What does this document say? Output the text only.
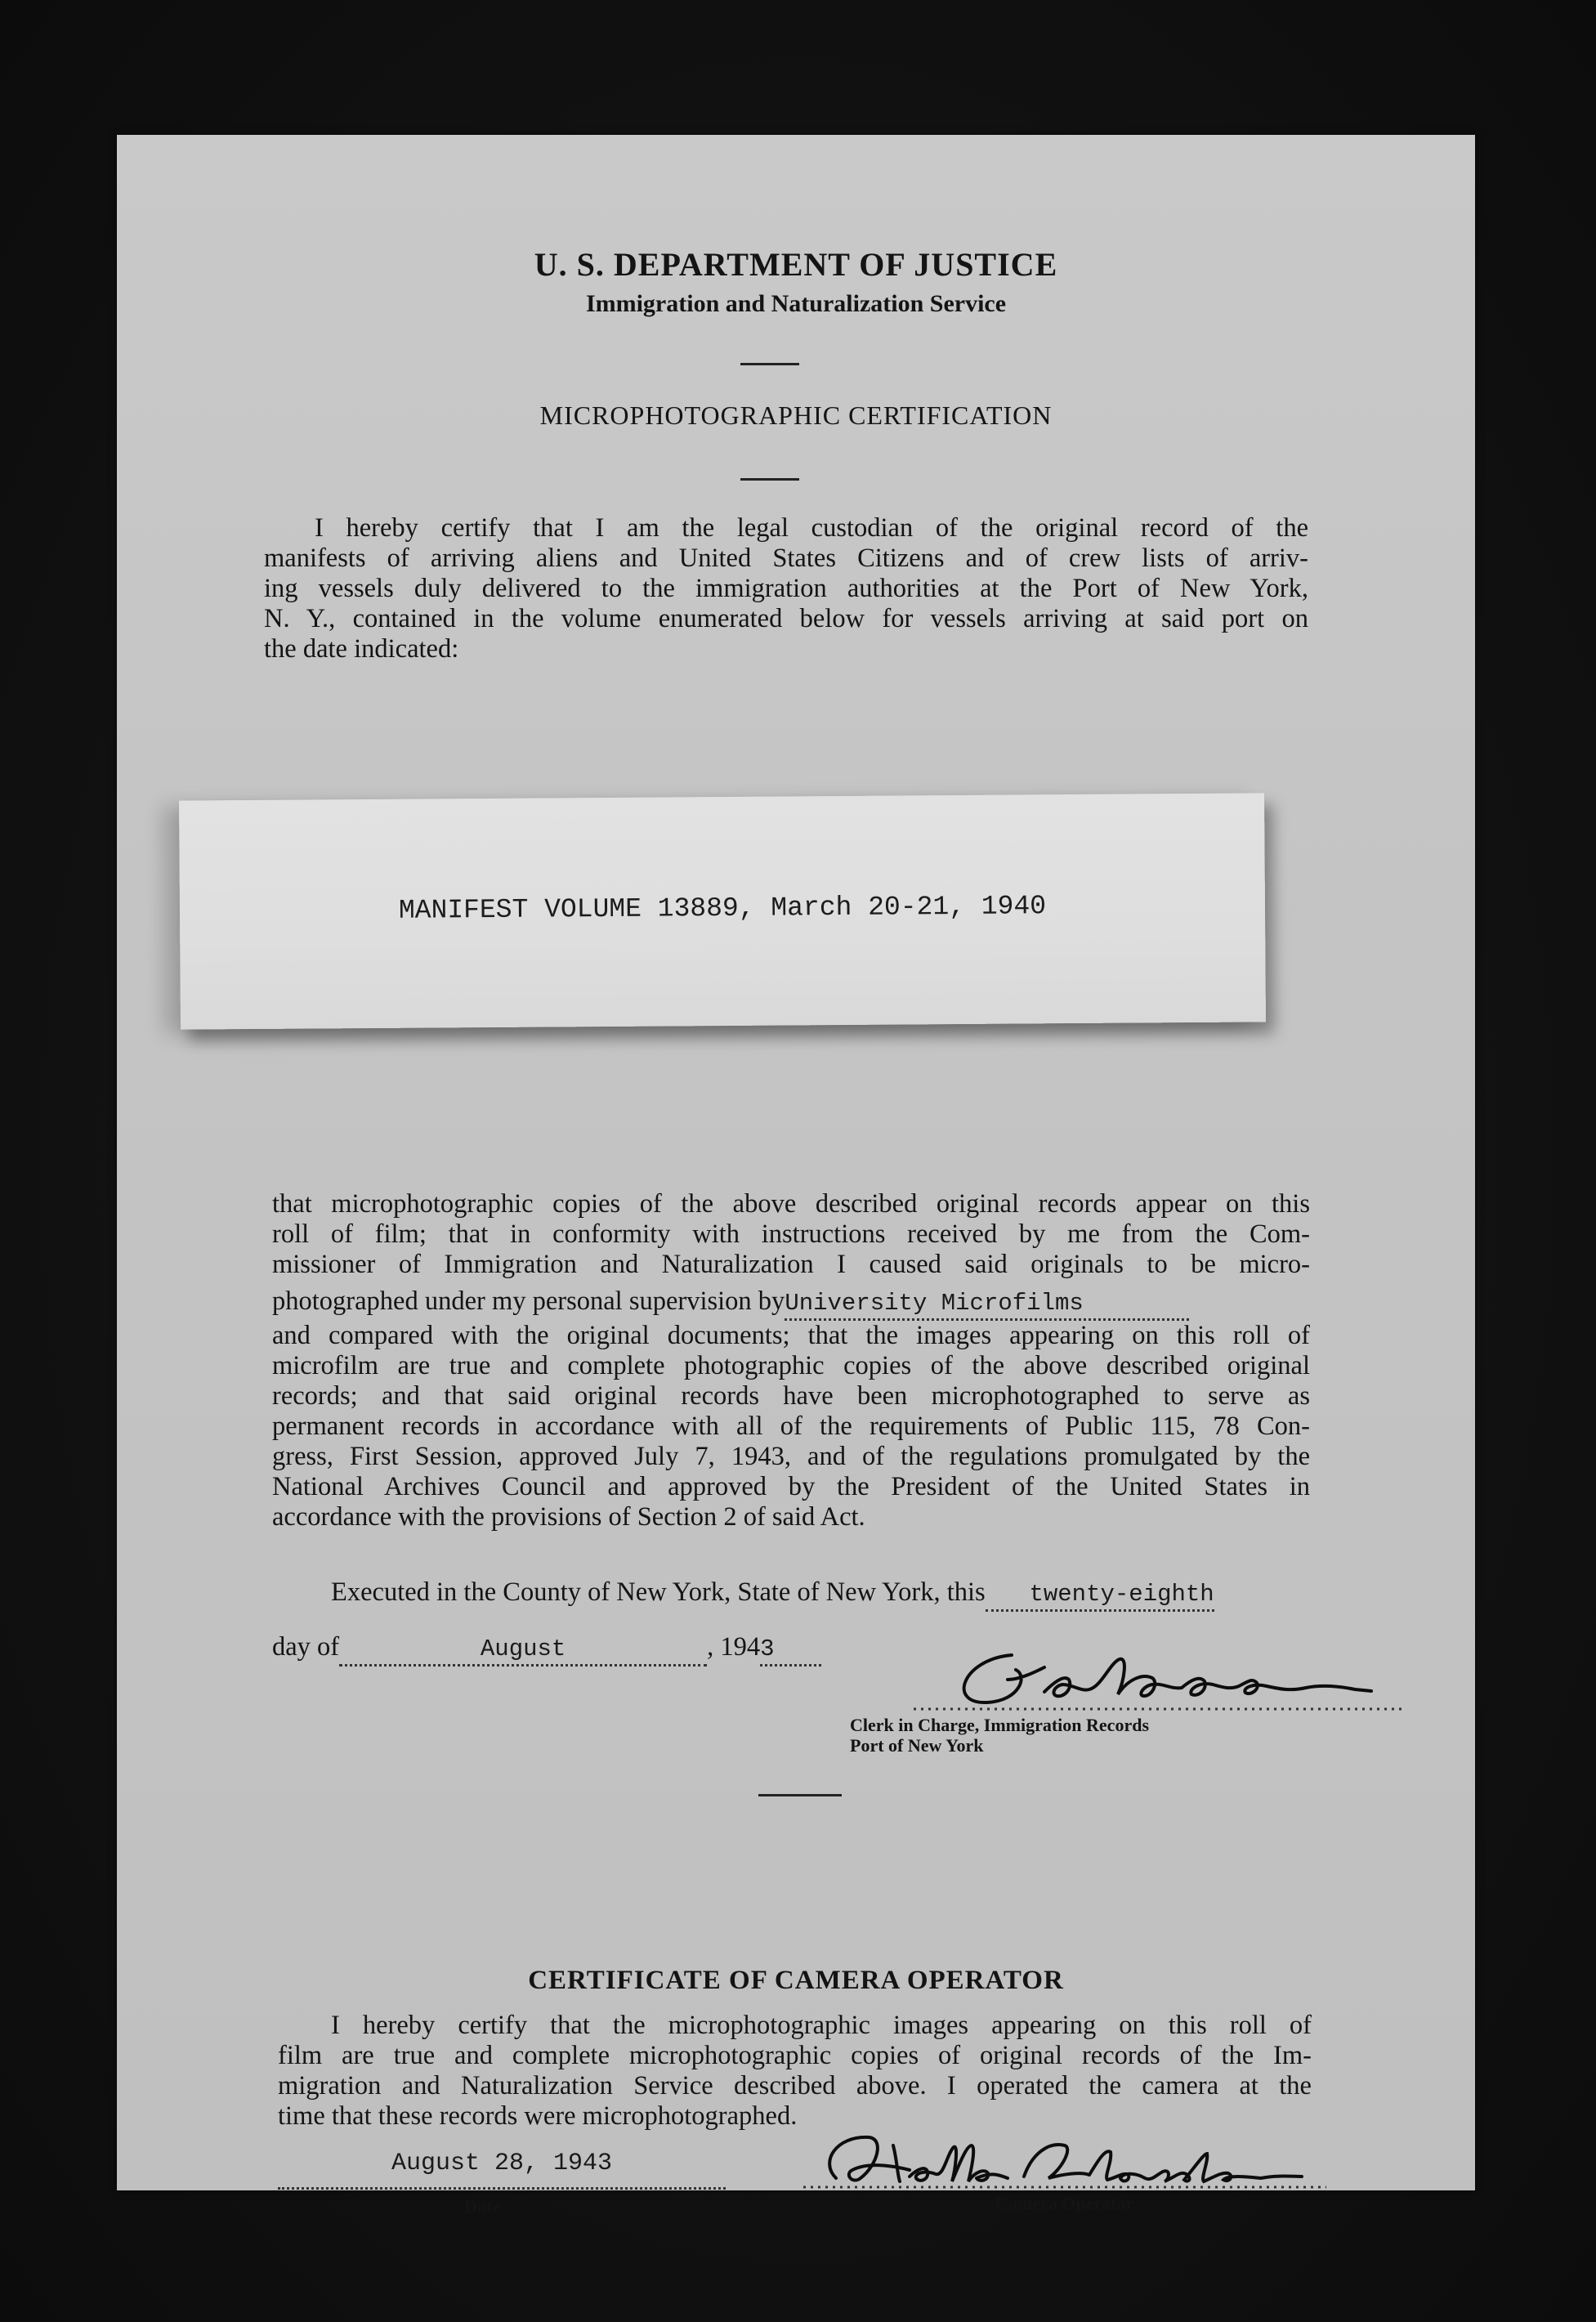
U. S. DEPARTMENT OF JUSTICE
Immigration and Naturalization Service
MICROPHOTOGRAPHIC CERTIFICATION
I hereby certify that I am the legal custodian of the original record of the
manifests of arriving aliens and United States Citizens and of crew lists of arriv-
ing vessels duly delivered to the immigration authorities at the Port of New York,
N. Y., contained in the volume enumerated below for vessels arriving at said port on
the date indicated:
MANIFEST VOLUME 13889, March 20-21, 1940
that microphotographic copies of the above described original records appear on this
roll of film; that in conformity with instructions received by me from the Com-
missioner of Immigration and Naturalization I caused said originals to be micro-
photographed under my personal supervision byUniversity Microfilms
and compared with the original documents; that the images appearing on this roll of
microfilm are true and complete photographic copies of the above described original
records; and that said original records have been microphotographed to serve as
permanent records in accordance with all of the requirements of Public 115, 78 Con-
gress, First Session, approved July 7, 1943, and of the regulations promulgated by the
National Archives Council and approved by the President of the United States in
accordance with the provisions of Section 2 of said Act.
Executed in the County of New York, State of New York, this twenty-eighth
day of	August	, 1943
Clerk in Charge, Immigration Records
Port of New York
CERTIFICATE OF CAMERA OPERATOR
I hereby certify that the microphotographic images appearing on this roll of
film are true and complete microphotographic copies of original records of the Im-
migration and Naturalization Service described above. I operated the camera at the
time that these records were microphotographed.
August 28, 1943
Date	Camera Operator
